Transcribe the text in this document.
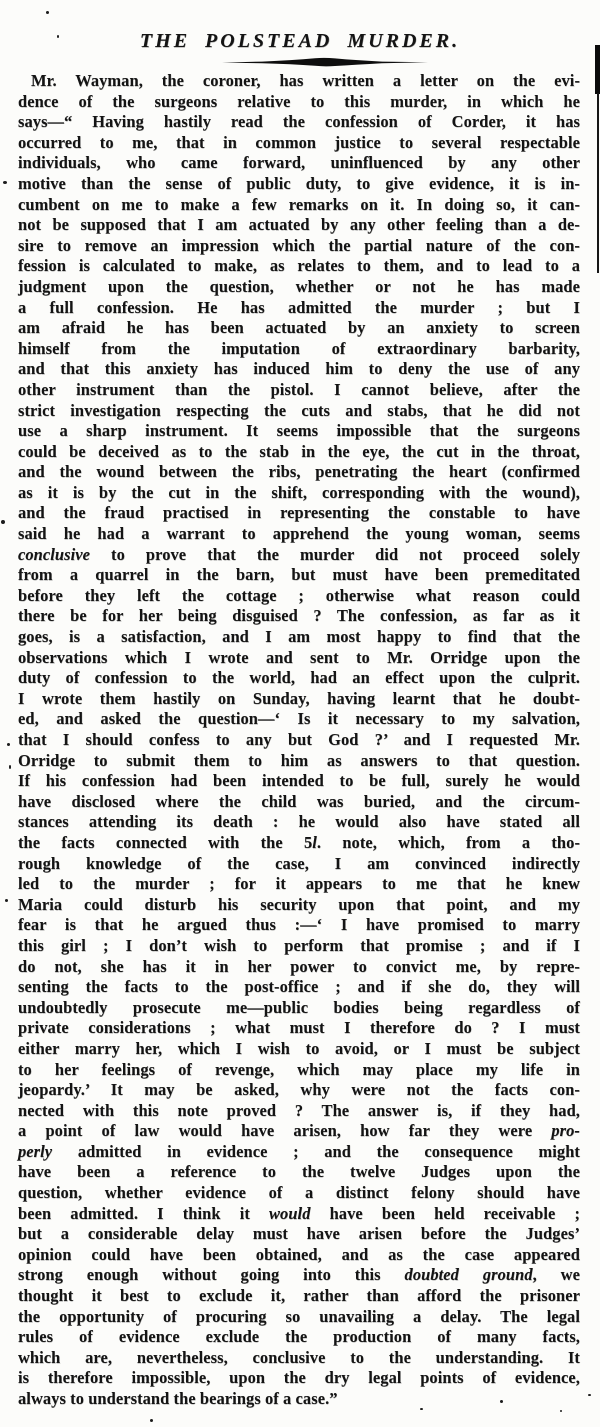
THE POLSTEAD MURDER.
Mr. Wayman, the coroner, has written a letter on the evi-
dence of the surgeons relative to this murder, in which he
says—“ Having hastily read the confession of Corder, it has
occurred to me, that in common justice to several respectable
individuals, who came forward, uninfluenced by any other
motive than the sense of public duty, to give evidence, it is in-
cumbent on me to make a few remarks on it. In doing so, it can-
not be supposed that I am actuated by any other feeling than a de-
sire to remove an impression which the partial nature of the con-
fession is calculated to make, as relates to them, and to lead to a
judgment upon the question, whether or not he has made
a full confession. He has admitted the murder ; but I
am afraid he has been actuated by an anxiety to screen
himself from the imputation of extraordinary barbarity,
and that this anxiety has induced him to deny the use of any
other instrument than the pistol. I cannot believe, after the
strict investigation respecting the cuts and stabs, that he did not
use a sharp instrument. It seems impossible that the surgeons
could be deceived as to the stab in the eye, the cut in the throat,
and the wound between the ribs, penetrating the heart (confirmed
as it is by the cut in the shift, corresponding with the wound),
and the fraud practised in representing the constable to have
said he had a warrant to apprehend the young woman, seems
conclusive to prove that the murder did not proceed solely
from a quarrel in the barn, but must have been premeditated
before they left the cottage ; otherwise what reason could
there be for her being disguised ? The confession, as far as it
goes, is a satisfaction, and I am most happy to find that the
observations which I wrote and sent to Mr. Orridge upon the
duty of confession to the world, had an effect upon the culprit.
I wrote them hastily on Sunday, having learnt that he doubt-
ed, and asked the question—‘ Is it necessary to my salvation,
that I should confess to any but God ?’ and I requested Mr.
Orridge to submit them to him as answers to that question.
If his confession had been intended to be full, surely he would
have disclosed where the child was buried, and the circum-
stances attending its death : he would also have stated all
the facts connected with the 5l. note, which, from a tho-
rough knowledge of the case, I am convinced indirectly
led to the murder ; for it appears to me that he knew
Maria could disturb his security upon that point, and my
fear is that he argued thus :—‘ I have promised to marry
this girl ; I don’t wish to perform that promise ; and if I
do not, she has it in her power to convict me, by repre-
senting the facts to the post-office ; and if she do, they will
undoubtedly prosecute me—public bodies being regardless of
private considerations ; what must I therefore do ? I must
either marry her, which I wish to avoid, or I must be subject
to her feelings of revenge, which may place my life in
jeopardy.’ It may be asked, why were not the facts con-
nected with this note proved ? The answer is, if they had,
a point of law would have arisen, how far they were pro-
perly admitted in evidence ; and the consequence might
have been a reference to the twelve Judges upon the
question, whether evidence of a distinct felony should have
been admitted. I think it would have been held receivable ;
but a considerable delay must have arisen before the Judges’
opinion could have been obtained, and as the case appeared
strong enough without going into this doubted ground, we
thought it best to exclude it, rather than afford the prisoner
the opportunity of procuring so unavailing a delay. The legal
rules of evidence exclude the production of many facts,
which are, nevertheless, conclusive to the understanding. It
is therefore impossible, upon the dry legal points of evidence,
always to understand the bearings of a case.”
